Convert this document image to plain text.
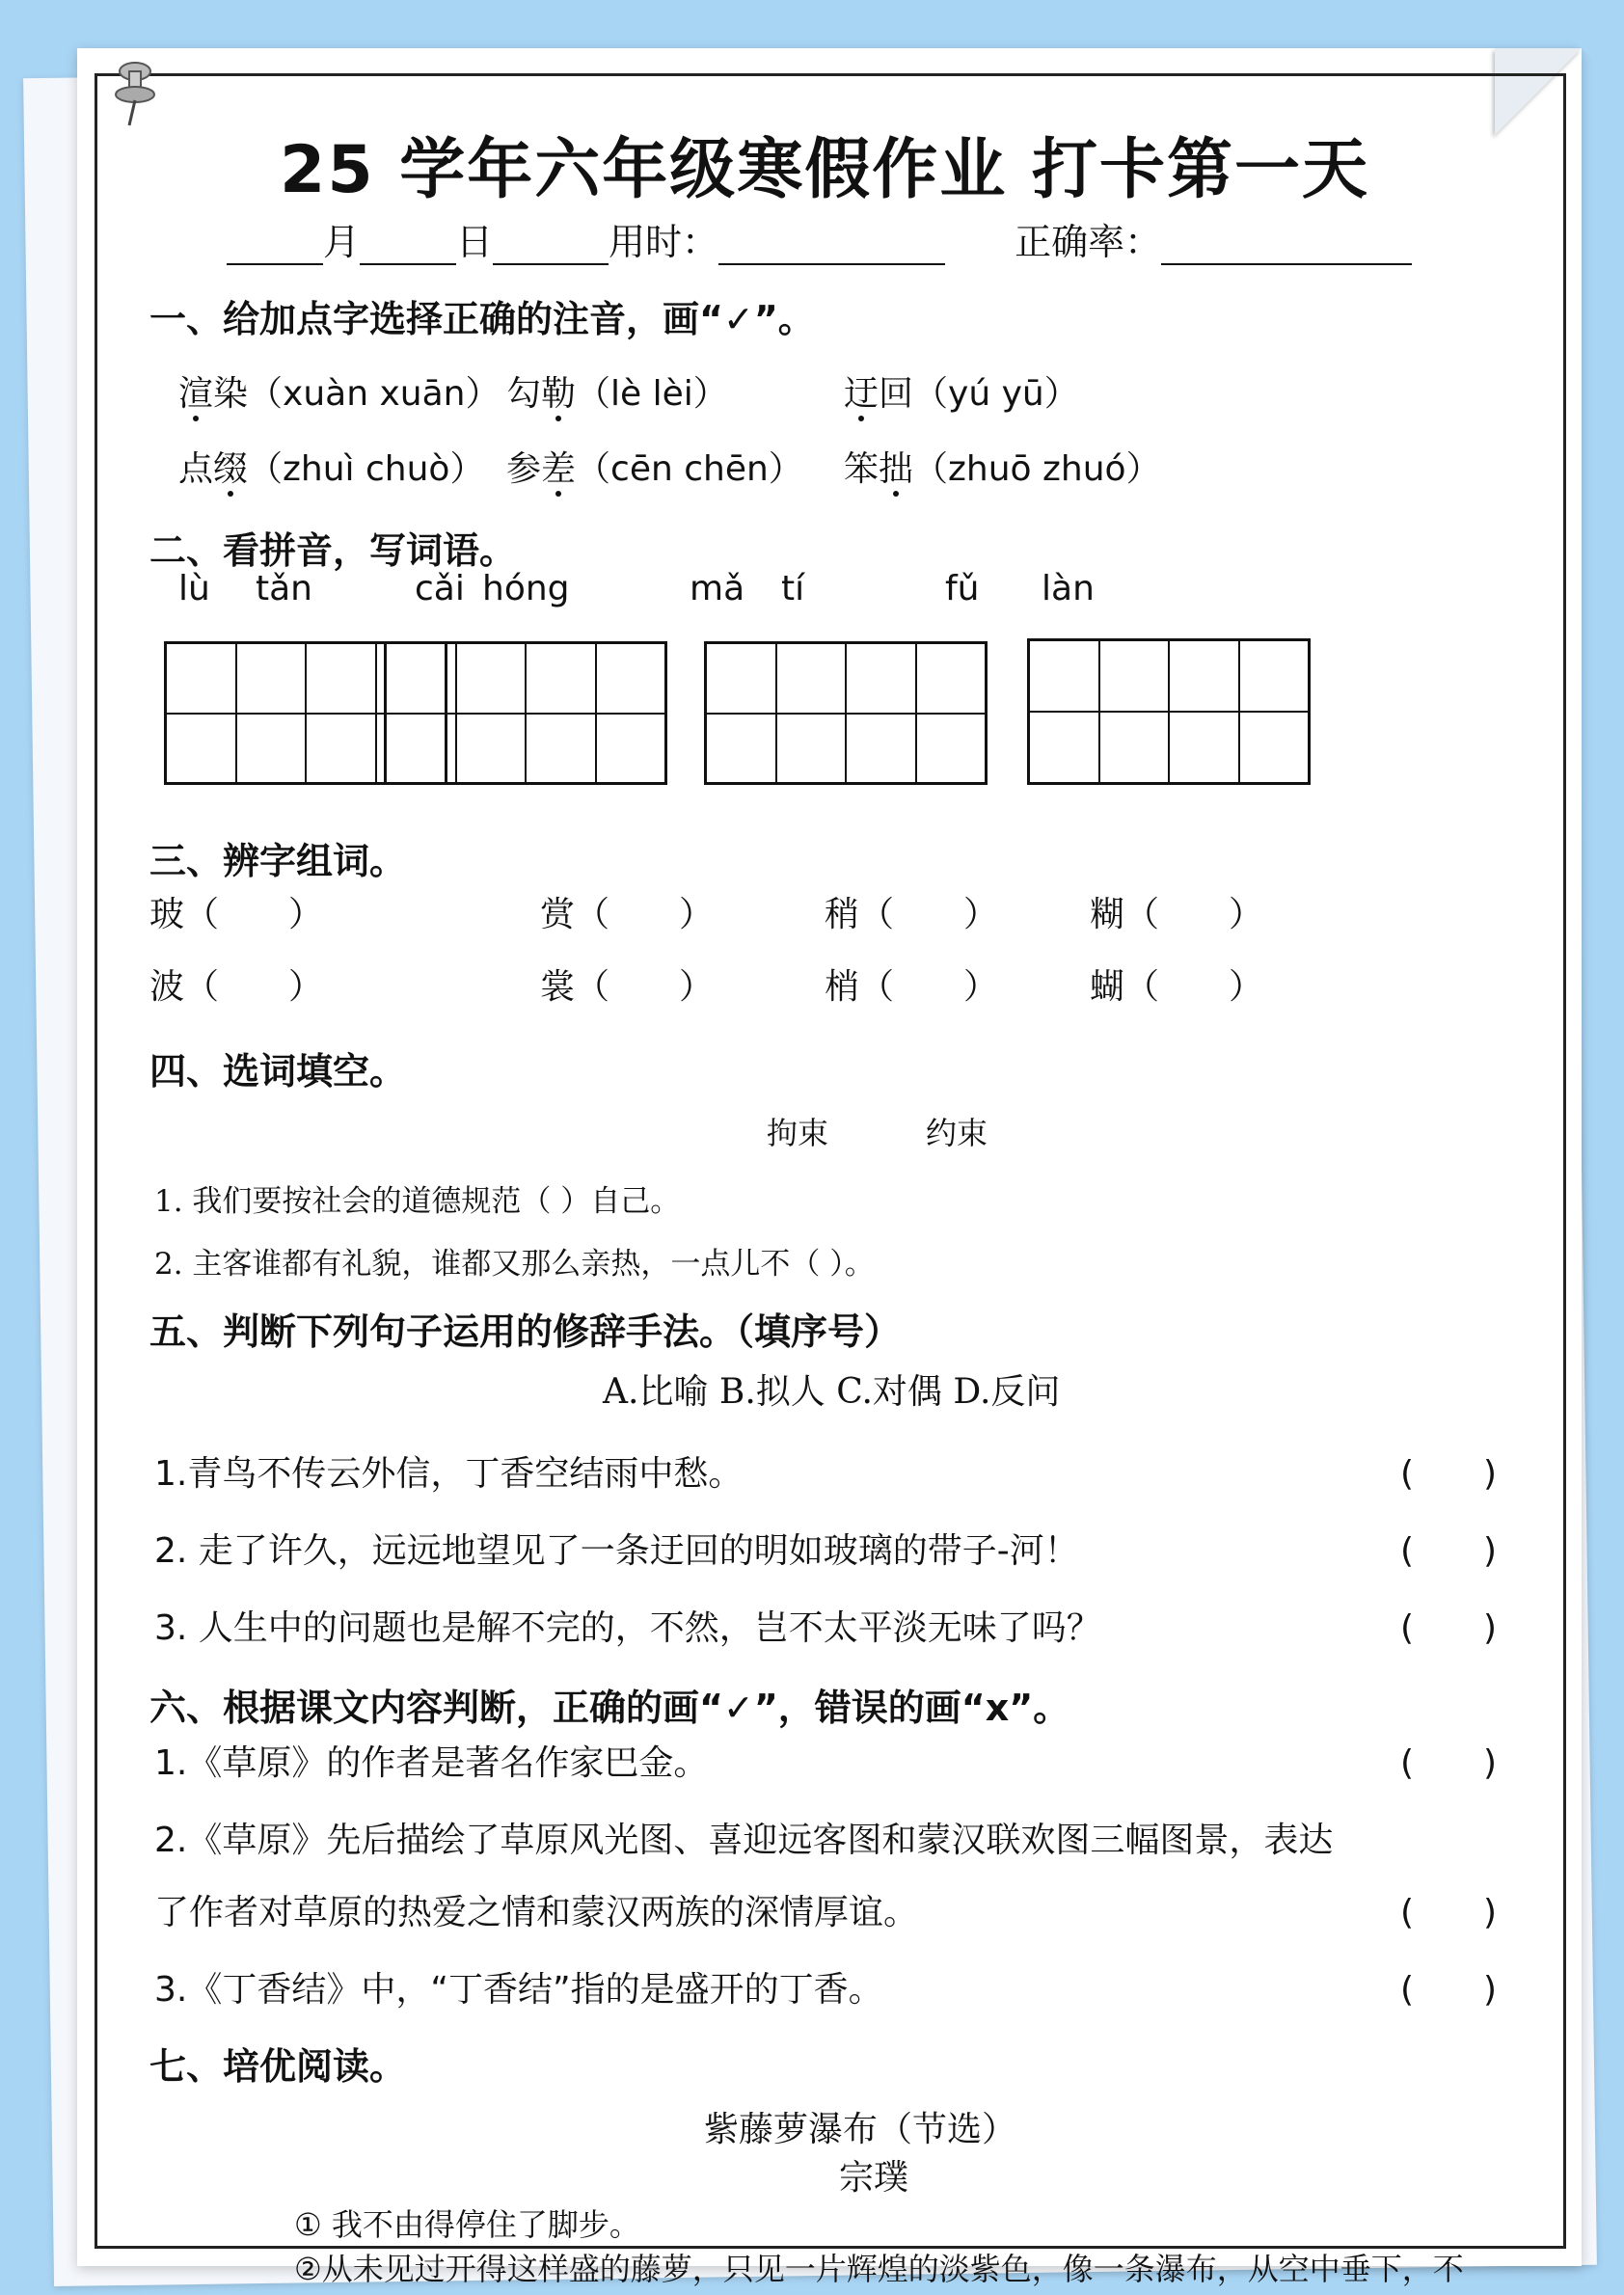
25 学年六年级寒假作业 打卡第一天
月	日	用时：	正确率：
一、给加点字选择正确的注音，画“✓”。
渲染（xuàn xuān） 勾勒（lè lèi）	迂回（yú yū）
点缀（zhuì chuò） 参差（cēn chēn） 笨拙（zhuō zhuó）
二、看拼音，写词语。
lù tǎn	cǎi hóng	mǎ tí	fǔ làn
三、辨字组词。
玻（　　）	赏（　　）	稍（　　）	糊（　　）
波（　　）	裳（　　）	梢（　　）	蝴（　　）
四、选词填空。
拘束	约束
1. 我们要按社会的道德规范（ ）自己。
2. 主客谁都有礼貌，谁都又那么亲热，一点儿不（ ）。
五、判断下列句子运用的修辞手法。（填序号）
A.比喻 B.拟人 C.对偶 D.反问
1.青鸟不传云外信，丁香空结雨中愁。	(　　)
2. 走了许久，远远地望见了一条迂回的明如玻璃的带子-河！	(　　)
3. 人生中的问题也是解不完的，不然，岂不太平淡无味了吗？	(　　)
六、根据课文内容判断，正确的画“✓”，错误的画“x”。
1.《草原》的作者是著名作家巴金。	(　　)
2.《草原》先后描绘了草原风光图、喜迎远客图和蒙汉联欢图三幅图景，表达
了作者对草原的热爱之情和蒙汉两族的深情厚谊。	(　　)
3.《丁香结》中，“丁香结”指的是盛开的丁香。	(　　)
七、培优阅读。
紫藤萝瀑布（节选）
宗璞
① 我不由得停住了脚步。
②从未见过开得这样盛的藤萝，只见一片辉煌的淡紫色，像一条瀑布，从空中垂下，不
